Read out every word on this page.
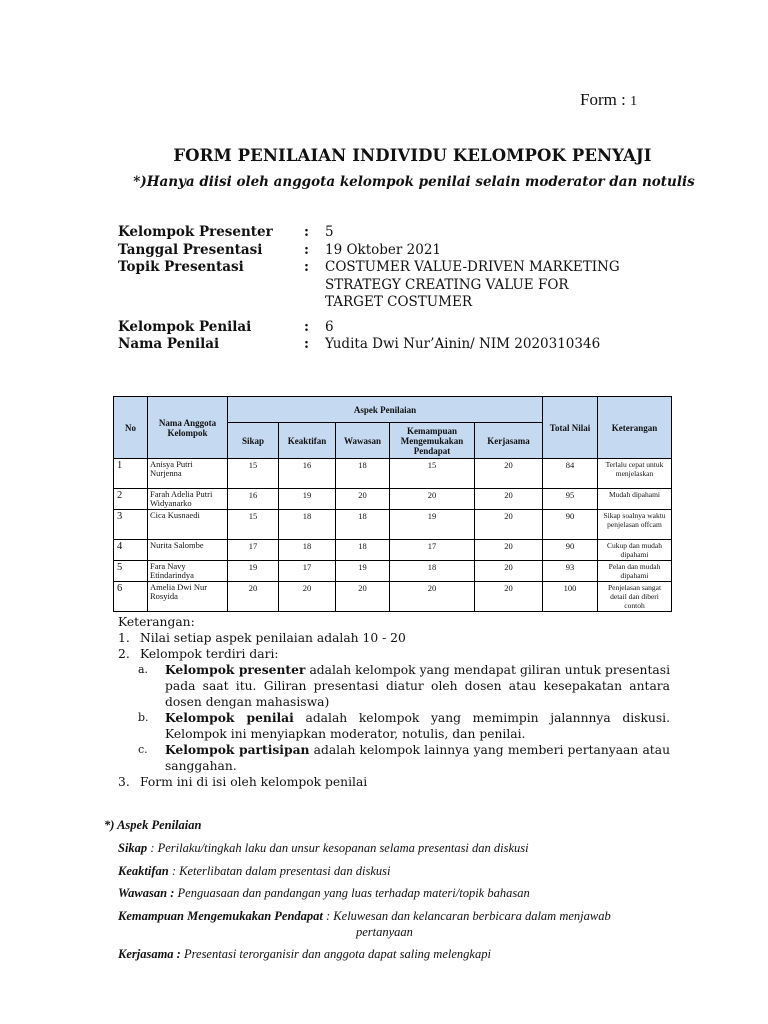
Form : 1
FORM PENILAIAN INDIVIDU KELOMPOK PENYAJI
*)Hanya diisi oleh anggota kelompok penilai selain moderator dan notulis
Kelompok Presenter	:	5
Tanggal Presentasi	:	19 Oktober 2021
Topik Presentasi	:	COSTUMER VALUE-DRIVEN MARKETING STRATEGY CREATING VALUE FOR TARGET COSTUMER
Kelompok Penilai	:	6
Nama Penilai	:	Yudita Dwi Nur’Ainin/ NIM 2020310346
No	Nama Anggota Kelompok	Aspek Penilaian					Total Nilai	Keterangan
		Sikap	Keaktifan	Wawasan	Kemampuan Mengemukakan Pendapat	Kerjasama		
1	Anisya Putri Nurjenna	15	16	18	15	20	84	Terlalu cepat untuk menjelaskan
2	Farah Adelia Putri Widyanarko	16	19	20	20	20	95	Mudah dipahami
3	Cica Kusnaedi	15	18	18	19	20	90	Sikap soalnya waktu penjelasan offcam
4	Nurita Salombe	17	18	18	17	20	90	Cukup dan mudah dipahami
5	Fara Navy Etindarindya	19	17	19	18	20	93	Pelan dan mudah dipahami
6	Amelia Dwi Nur Rosyida	20	20	20	20	20	100	Penjelasan sangat detail dan diberi contoh
Keterangan:
1. Nilai setiap aspek penilaian adalah 10 - 20
2. Kelompok terdiri dari:
a.	Kelompok presenter adalah kelompok yang mendapat giliran untuk presentasi pada saat itu. Giliran presentasi diatur oleh dosen atau kesepakatan antara dosen dengan mahasiswa)
b.	Kelompok penilai adalah kelompok yang memimpin jalannnya diskusi. Kelompok ini menyiapkan moderator, notulis, dan penilai.
c.	Kelompok partisipan adalah kelompok lainnya yang memberi pertanyaan atau sanggahan.
3. Form ini di isi oleh kelompok penilai
*) Aspek Penilaian
Sikap : Perilaku/tingkah laku dan unsur kesopanan selama presentasi dan diskusi
Keaktifan : Keterlibatan dalam presentasi dan diskusi
Wawasan : Penguasaan dan pandangan yang luas terhadap materi/topik bahasan
Kemampuan Mengemukakan Pendapat : Keluwesan dan kelancaran berbicara dalam menjawab
pertanyaan
Kerjasama : Presentasi terorganisir dan anggota dapat saling melengkapi
